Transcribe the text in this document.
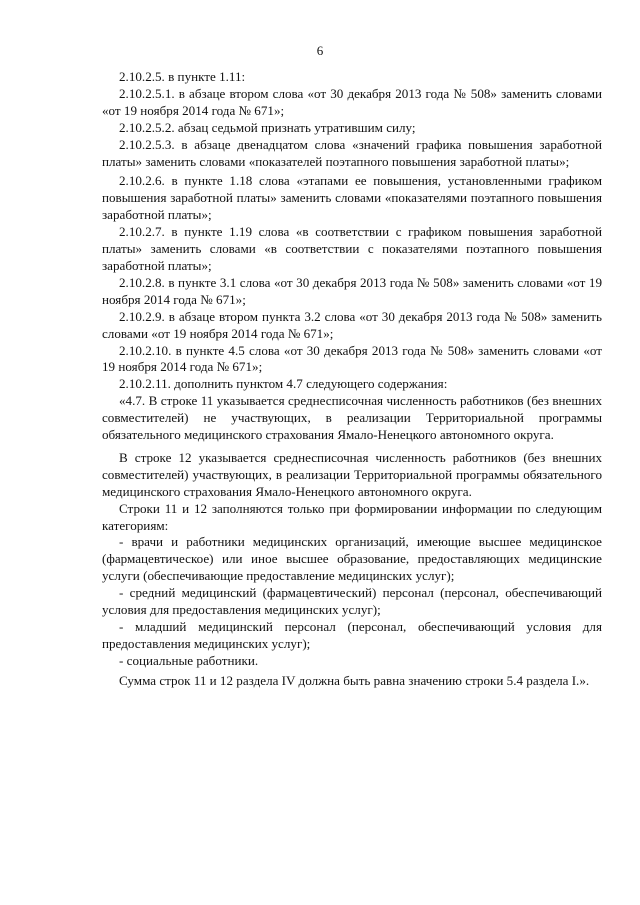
6

2.10.2.5. в пункте 1.11:

2.10.2.5.1. в абзаце втором слова «от 30 декабря 2013 года № 508» заменить словами «от 19 ноября 2014 года № 671»;

2.10.2.5.2. абзац седьмой признать утратившим силу;

2.10.2.5.3. в абзаце двенадцатом слова «значений графика повышения заработной платы» заменить словами «показателей поэтапного повышения заработной платы»;

2.10.2.6. в пункте 1.18 слова «этапами ее повышения, установленными графиком повышения заработной платы» заменить словами «показателями поэтапного повышения заработной платы»;

2.10.2.7. в пункте 1.19 слова «в соответствии с графиком повышения заработной платы» заменить словами «в соответствии с показателями поэтапного повышения заработной платы»;

2.10.2.8. в пункте 3.1 слова «от 30 декабря 2013 года № 508» заменить словами «от 19 ноября 2014 года № 671»;

2.10.2.9. в абзаце втором пункта 3.2 слова «от 30 декабря 2013 года № 508» заменить словами «от 19 ноября 2014 года № 671»;

2.10.2.10. в пункте 4.5 слова «от 30 декабря 2013 года № 508» заменить словами «от 19 ноября 2014 года № 671»;

2.10.2.11. дополнить пунктом 4.7 следующего содержания:

«4.7. В строке 11 указывается среднесписочная численность работников (без внешних совместителей) не участвующих, в реализации Территориальной программы обязательного медицинского страхования Ямало-Ненецкого автономного округа.

В строке 12 указывается среднесписочная численность работников (без внешних совместителей) участвующих, в реализации Территориальной программы обязательного медицинского страхования Ямало-Ненецкого автономного округа.

Строки 11 и 12 заполняются только при формировании информации по следующим категориям:

- врачи и работники медицинских организаций, имеющие высшее медицинское (фармацевтическое) или иное высшее образование, предоставляющих медицинские услуги (обеспечивающие предоставление медицинских услуг);

- средний медицинский (фармацевтический) персонал (персонал, обеспечивающий условия для предоставления медицинских услуг);

- младший медицинский персонал (персонал, обеспечивающий условия для предоставления медицинских услуг);

- социальные работники.

Сумма строк 11 и 12 раздела IV должна быть равна значению строки 5.4 раздела I.».
